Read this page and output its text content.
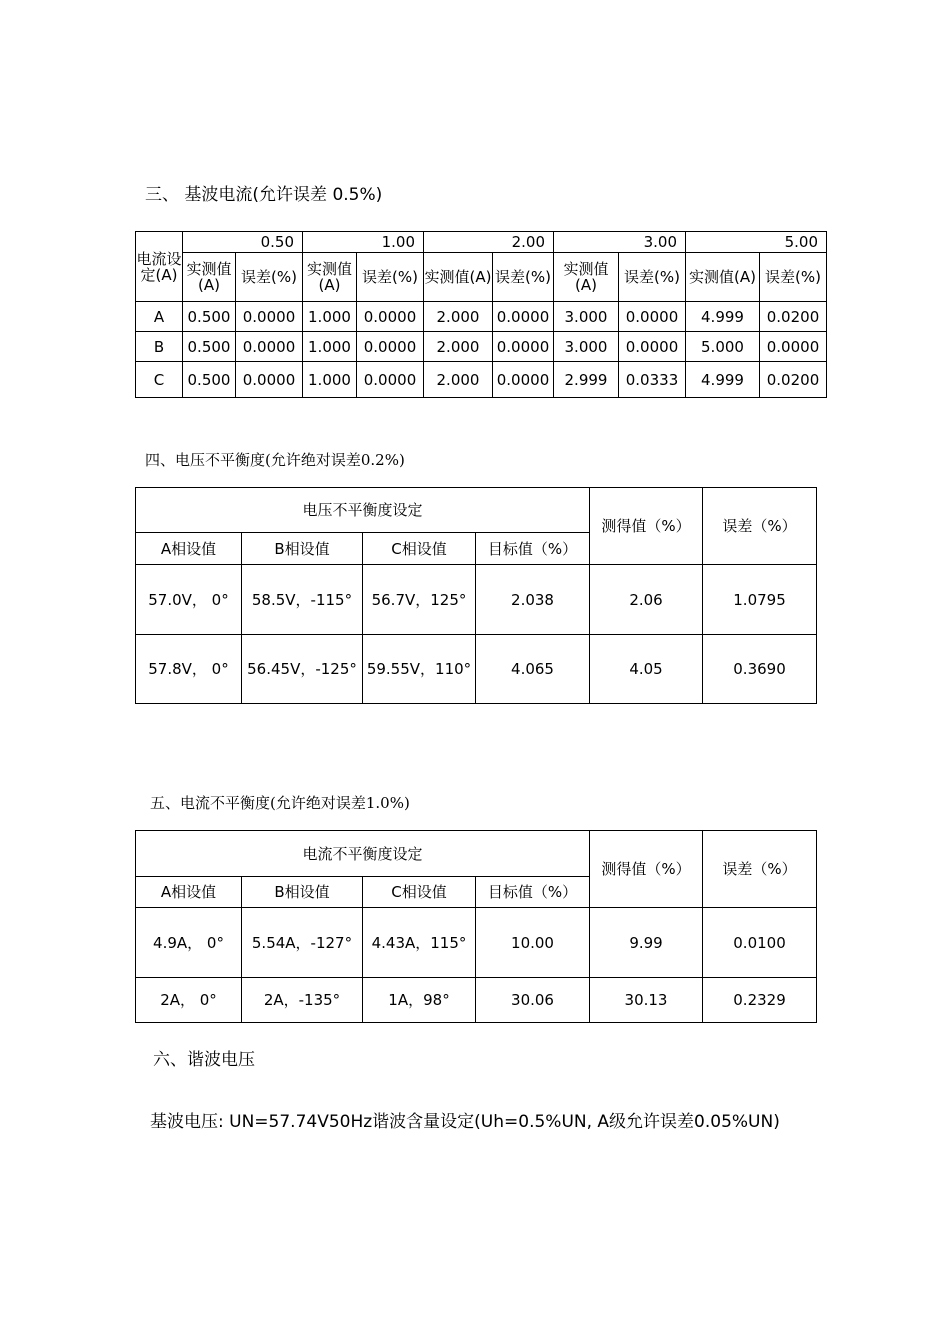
三、 基波电流(允许误差 0.5%)
电流设定(A)	0.50		1.00		2.00		3.00		5.00	
	实测值(A)	误差(%)	实测值(A)	误差(%)	实测值(A)	误差(%)	实测值(A)	误差(%)	实测值(A)	误差(%)
A	0.500	0.0000	1.000	0.0000	2.000	0.0000	3.000	0.0000	4.999	0.0200
B	0.500	0.0000	1.000	0.0000	2.000	0.0000	3.000	0.0000	5.000	0.0000
C	0.500	0.0000	1.000	0.0000	2.000	0.0000	2.999	0.0333	4.999	0.0200
四、电压不平衡度(允许绝对误差0.2%)
电压不平衡度设定				测得值（%）	误差（%）
A相设值	B相设值	C相设值	目标值（%）		
57.0V， 0°	58.5V，-115°	56.7V，125°	2.038	2.06	1.0795
57.8V， 0°	56.45V，-125°	59.55V，110°	4.065	4.05	0.3690
五、电流不平衡度(允许绝对误差1.0%)
电流不平衡度设定				测得值（%）	误差（%）
A相设值	B相设值	C相设值	目标值（%）		
4.9A， 0°	5.54A，-127°	4.43A，115°	10.00	9.99	0.0100
2A， 0°	2A，-135°	1A，98°	30.06	30.13	0.2329
六、谐波电压
基波电压: UN=57.74V50Hz谐波含量设定(Uh=0.5%UN, A级允许误差0.05%UN)
